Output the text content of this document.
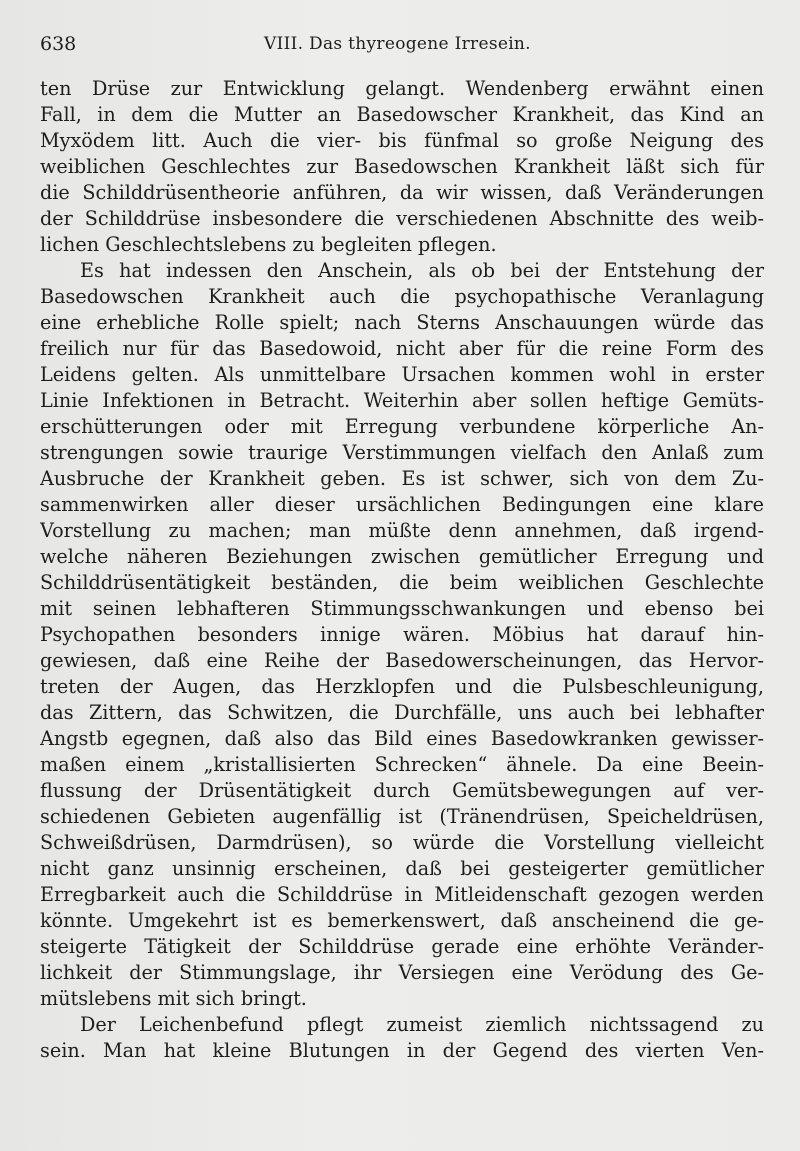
638	VIII. Das thyreogene Irresein.
ten Drüse zur Entwicklung gelangt. Wendenberg erwähnt einen
Fall, in dem die Mutter an Basedowscher Krankheit, das Kind an
Myxödem litt. Auch die vier- bis fünfmal so große Neigung des
weiblichen Geschlechtes zur Basedowschen Krankheit läßt sich für
die Schilddrüsentheorie anführen, da wir wissen, daß Veränderungen
der Schilddrüse insbesondere die verschiedenen Abschnitte des weib-
lichen Geschlechtslebens zu begleiten pflegen.
Es hat indessen den Anschein, als ob bei der Entstehung der
Basedowschen Krankheit auch die psychopathische Veranlagung
eine erhebliche Rolle spielt; nach Sterns Anschauungen würde das
freilich nur für das Basedowoid, nicht aber für die reine Form des
Leidens gelten. Als unmittelbare Ursachen kommen wohl in erster
Linie Infektionen in Betracht. Weiterhin aber sollen heftige Gemüts-
erschütterungen oder mit Erregung verbundene körperliche An-
strengungen sowie traurige Verstimmungen vielfach den Anlaß zum
Ausbruche der Krankheit geben. Es ist schwer, sich von dem Zu-
sammenwirken aller dieser ursächlichen Bedingungen eine klare
Vorstellung zu machen; man müßte denn annehmen, daß irgend-
welche näheren Beziehungen zwischen gemütlicher Erregung und
Schilddrüsentätigkeit beständen, die beim weiblichen Geschlechte
mit seinen lebhafteren Stimmungsschwankungen und ebenso bei
Psychopathen besonders innige wären. Möbius hat darauf hin-
gewiesen, daß eine Reihe der Basedowerscheinungen, das Hervor-
treten der Augen, das Herzklopfen und die Pulsbeschleunigung,
das Zittern, das Schwitzen, die Durchfälle, uns auch bei lebhafter
Angstb egegnen, daß also das Bild eines Basedowkranken gewisser-
maßen einem „kristallisierten Schrecken“ ähnele. Da eine Beein-
flussung der Drüsentätigkeit durch Gemütsbewegungen auf ver-
schiedenen Gebieten augenfällig ist (Tränendrüsen, Speicheldrüsen,
Schweißdrüsen, Darmdrüsen), so würde die Vorstellung vielleicht
nicht ganz unsinnig erscheinen, daß bei gesteigerter gemütlicher
Erregbarkeit auch die Schilddrüse in Mitleidenschaft gezogen werden
könnte. Umgekehrt ist es bemerkenswert, daß anscheinend die ge-
steigerte Tätigkeit der Schilddrüse gerade eine erhöhte Veränder-
lichkeit der Stimmungslage, ihr Versiegen eine Verödung des Ge-
mütslebens mit sich bringt.
Der Leichenbefund pflegt zumeist ziemlich nichtssagend zu
sein. Man hat kleine Blutungen in der Gegend des vierten Ven-
